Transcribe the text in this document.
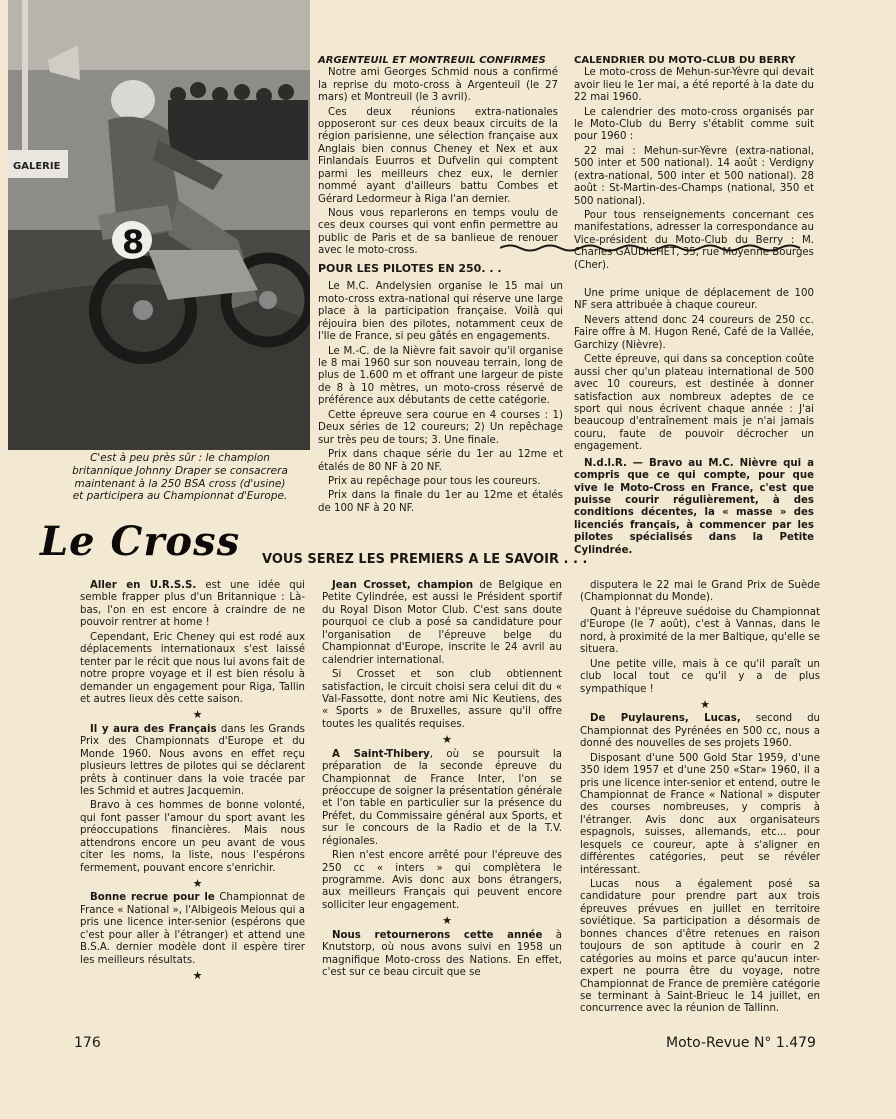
GALERIE
8
C'est à peu près sûr : le champion britannique Johnny Draper se consacrera maintenant à la 250 BSA cross (d'usine) et participera au Championnat d'Europe.

ARGENTEUIL ET MONTREUIL CONFIRMES

Notre ami Georges Schmid nous a confirmé la reprise du moto-cross à Argenteuil (le 27 mars) et Montreuil (le 3 avril).

Ces deux réunions extra-nationales opposeront sur ces deux beaux circuits de la région parisienne, une sélection française aux Anglais bien connus Cheney et Nex et aux Finlandais Euurros et Dufvelin qui comptent parmi les meilleurs chez eux, le dernier nommé ayant d'ailleurs battu Combes et Gérard Ledormeur à Riga l'an dernier.

Nous vous reparlerons en temps voulu de ces deux courses qui vont enfin permettre au public de Paris et de sa banlieue de renouer avec le moto-cross.

CALENDRIER DU MOTO-CLUB DU BERRY

Le moto-cross de Mehun-sur-Yèvre qui devait avoir lieu le 1er mai, a été reporté à la date du 22 mai 1960.

Le calendrier des moto-cross organisés par le Moto-Club du Berry s'établit comme suit pour 1960 :

22 mai : Mehun-sur-Yèvre (extra-national, 500 inter et 500 national). 14 août : Verdigny (extra-national, 500 inter et 500 national). 28 août : St-Martin-des-Champs (national, 350 et 500 national).

Pour tous renseignements concernant ces manifestations, adresser la correspondance au Vice-président du Moto-Club du Berry : M. Charles GAUDICHET, 35, rue Moyenne Bourges (Cher).

POUR LES PILOTES EN 250. . .

Le M.C. Andelysien organise le 15 mai un moto-cross extra-national qui réserve une large place à la participation française. Voilà qui réjouira bien des pilotes, notamment ceux de l'Ile de France, si peu gâtés en engagements.

Le M.-C. de la Nièvre fait savoir qu'il organise le 8 mai 1960 sur son nouveau terrain, long de plus de 1.600 m et offrant une largeur de piste de 8 à 10 mètres, un moto-cross réservé de préférence aux débutants de cette catégorie.

Cette épreuve sera courue en 4 courses : 1) Deux séries de 12 coureurs; 2) Un repêchage sur très peu de tours; 3. Une finale.

Prix dans chaque série du 1er au 12me et étalés de 80 NF à 20 NF.

Prix au repêchage pour tous les coureurs.

Prix dans la finale du 1er au 12me et étalés de 100 NF à 20 NF.

Une prime unique de déplacement de 100 NF sera attribuée à chaque coureur.

Nevers attend donc 24 coureurs de 250 cc. Faire offre à M. Hugon René, Café de la Vallée, Garchizy (Nièvre).

Cette épreuve, qui dans sa conception coûte aussi cher qu'un plateau international de 500 avec 10 coureurs, est destinée à donner satisfaction aux nombreux adeptes de ce sport qui nous écrivent chaque année : J'ai beaucoup d'entraînement mais je n'ai jamais couru, faute de pouvoir décrocher un engagement.

N.d.l.R. — Bravo au M.C. Nièvre qui a compris que ce qui compte, pour que vive le Moto-Cross en France, c'est que puisse courir régulièrement, à des conditions décentes, la « masse » des licenciés français, à commencer par les pilotes spécialisés dans la Petite Cylindrée.

Le Cross VOUS SEREZ LES PREMIERS A LE SAVOIR . . .

Aller en U.R.S.S. est une idée qui semble frapper plus d'un Britannique : Là-bas, l'on en est encore à craindre de ne pouvoir rentrer at home !

Cependant, Eric Cheney qui est rodé aux déplacements internationaux s'est laissé tenter par le récit que nous lui avons fait de notre propre voyage et il est bien résolu à demander un engagement pour Riga, Tallin et autres lieux dès cette saison.

★

Il y aura des Français dans les Grands Prix des Championnats d'Europe et du Monde 1960. Nous avons en effet reçu plusieurs lettres de pilotes qui se déclarent prêts à continuer dans la voie tracée par les Schmid et autres Jacquemin.

Bravo à ces hommes de bonne volonté, qui font passer l'amour du sport avant les préoccupations financières. Mais nous attendrons encore un peu avant de vous citer les noms, la liste, nous l'espérons fermement, pouvant encore s'enrichir.

★

Bonne recrue pour le Championnat de France « National », l'Albigeois Melous qui a pris une licence inter-senior (espérons que c'est pour aller à l'étranger) et attend une B.S.A. dernier modèle dont il espère tirer les meilleurs résultats.

★

Jean Crosset, champion de Belgique en Petite Cylindrée, est aussi le Président sportif du Royal Dison Motor Club. C'est sans doute pourquoi ce club a posé sa candidature pour l'organisation de l'épreuve belge du Championnat d'Europe, inscrite le 24 avril au calendrier international.

Si Crosset et son club obtiennent satisfaction, le circuit choisi sera celui dit du « Val-Fassotte, dont notre ami Nic Keutiens, des « Sports » de Bruxelles, assure qu'il offre toutes les qualités requises.

★

A Saint-Thibery, où se poursuit la préparation de la seconde épreuve du Championnat de France Inter, l'on se préoccupe de soigner la présentation générale et l'on table en particulier sur la présence du Préfet, du Commissaire général aux Sports, et sur le concours de la Radio et de la T.V. régionales.

Rien n'est encore arrêté pour l'épreuve des 250 cc « inters » qui complètera le programme. Avis donc aux bons étrangers, aux meilleurs Français qui peuvent encore solliciter leur engagement.

★

Nous retournerons cette année à Knutstorp, où nous avons suivi en 1958 un magnifique Moto-cross des Nations. En effet, c'est sur ce beau circuit que se

disputera le 22 mai le Grand Prix de Suède (Championnat du Monde).

Quant à l'épreuve suédoise du Championnat d'Europe (le 7 août), c'est à Vannas, dans le nord, à proximité de la mer Baltique, qu'elle se situera.

Une petite ville, mais à ce qu'il paraît un club local tout ce qu'il y a de plus sympathique !

★

De Puylaurens, Lucas, second du Championnat des Pyrénées en 500 cc, nous a donné des nouvelles de ses projets 1960.

Disposant d'une 500 Gold Star 1959, d'une 350 idem 1957 et d'une 250 «Star» 1960, il a pris une licence inter-senior et entend, outre le Championnat de France « National » disputer des courses nombreuses, y compris à l'étranger. Avis donc aux organisateurs espagnols, suisses, allemands, etc... pour lesquels ce coureur, apte à s'aligner en différentes catégories, peut se révéler intéressant.

Lucas nous a également posé sa candidature pour prendre part aux trois épreuves prévues en juillet en territoire soviétique. Sa participation a désormais de bonnes chances d'être retenues en raison toujours de son aptitude à courir en 2 catégories au moins et parce qu'aucun inter-expert ne pourra être du voyage, notre Championnat de France de première catégorie se terminant à Saint-Brieuc le 14 juillet, en concurrence avec la réunion de Tallinn.

176	Moto-Revue N° 1.479
